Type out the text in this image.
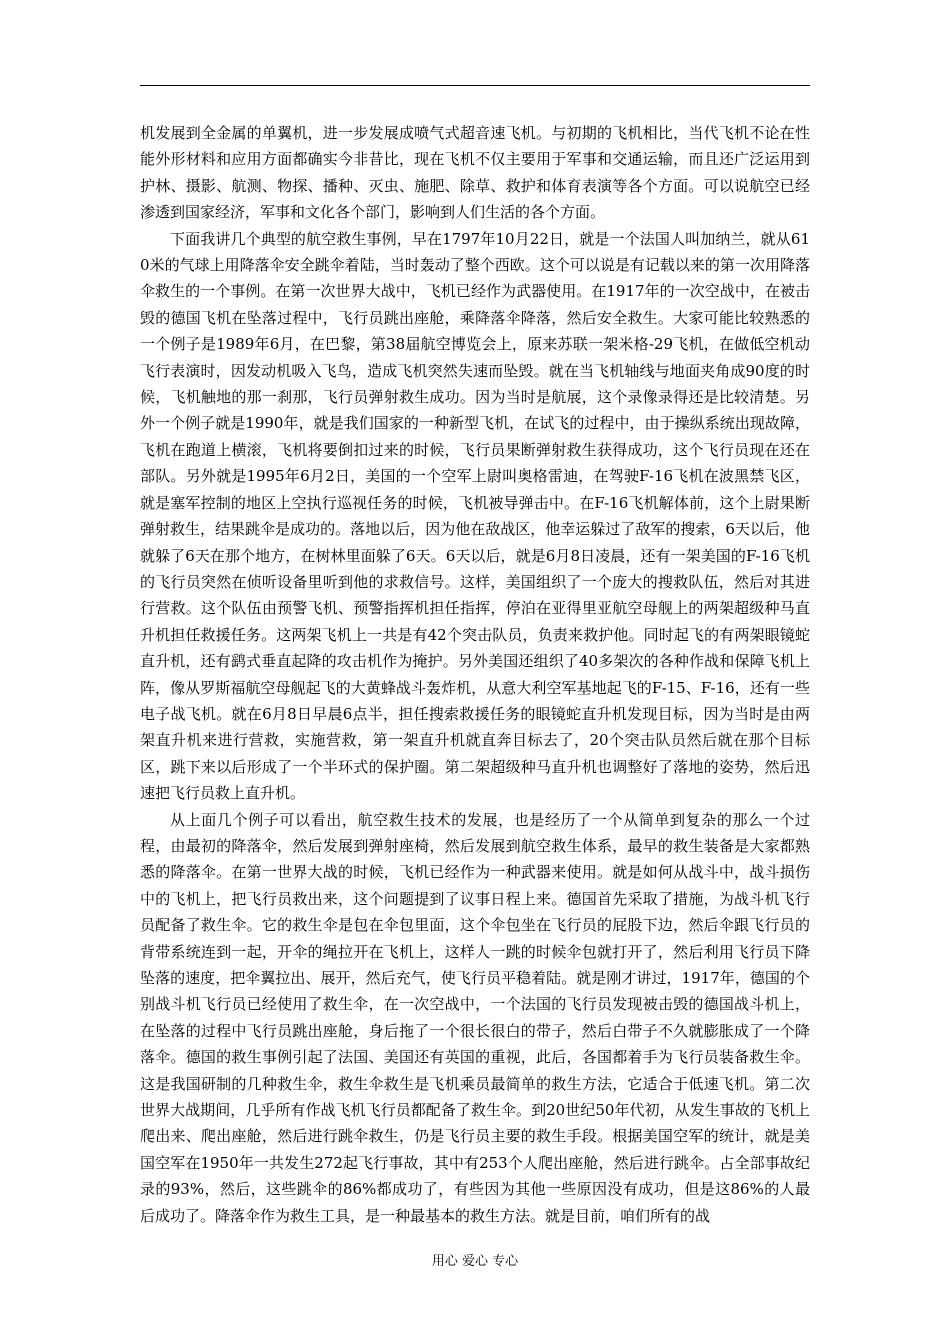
机发展到全金属的单翼机，进一步发展成喷气式超音速飞机。与初期的飞机相比，当代飞机不论在性能外形材料和应用方面都确实今非昔比，现在飞机不仅主要用于军事和交通运输，而且还广泛运用到护林、摄影、航测、物探、播种、灭虫、施肥、除草、救护和体育表演等各个方面。可以说航空已经渗透到国家经济，军事和文化各个部门，影响到人们生活的各个方面。

下面我讲几个典型的航空救生事例，早在1797年10月22日，就是一个法国人叫加纳兰，就从610米的气球上用降落伞安全跳伞着陆，当时轰动了整个西欧。这个可以说是有记载以来的第一次用降落伞救生的一个事例。在第一次世界大战中，飞机已经作为武器使用。在1917年的一次空战中，在被击毁的德国飞机在坠落过程中，飞行员跳出座舱，乘降落伞降落，然后安全救生。大家可能比较熟悉的一个例子是1989年6月，在巴黎，第38届航空博览会上，原来苏联一架米格-29飞机，在做低空机动飞行表演时，因发动机吸入飞鸟，造成飞机突然失速而坠毁。就在当飞机轴线与地面夹角成90度的时候，飞机触地的那一刹那，飞行员弹射救生成功。因为当时是航展，这个录像录得还是比较清楚。另外一个例子就是1990年，就是我们国家的一种新型飞机，在试飞的过程中，由于操纵系统出现故障，飞机在跑道上横滚，飞机将要倒扣过来的时候，飞行员果断弹射救生获得成功，这个飞行员现在还在部队。另外就是1995年6月2日，美国的一个空军上尉叫奥格雷迪，在驾驶F-16飞机在波黑禁飞区，就是塞军控制的地区上空执行巡视任务的时候，飞机被导弹击中。在F-16飞机解体前，这个上尉果断弹射救生，结果跳伞是成功的。落地以后，因为他在敌战区，他幸运躲过了敌军的搜索，6天以后，他就躲了6天在那个地方，在树林里面躲了6天。6天以后，就是6月8日凌晨，还有一架美国的F-16飞机的飞行员突然在侦听设备里听到他的求救信号。这样，美国组织了一个庞大的搜救队伍，然后对其进行营救。这个队伍由预警飞机、预警指挥机担任指挥，停泊在亚得里亚航空母舰上的两架超级种马直升机担任救援任务。这两架飞机上一共是有42个突击队员，负责来救护他。同时起飞的有两架眼镜蛇直升机，还有鹞式垂直起降的攻击机作为掩护。另外美国还组织了40多架次的各种作战和保障飞机上阵，像从罗斯福航空母舰起飞的大黄蜂战斗轰炸机，从意大利空军基地起飞的F-15、F-16，还有一些电子战飞机。就在6月8日早晨6点半，担任搜索救援任务的眼镜蛇直升机发现目标，因为当时是由两架直升机来进行营救，实施营救，第一架直升机就直奔目标去了，20个突击队员然后就在那个目标区，跳下来以后形成了一个半环式的保护圈。第二架超级种马直升机也调整好了落地的姿势，然后迅速把飞行员救上直升机。

从上面几个例子可以看出，航空救生技术的发展，也是经历了一个从简单到复杂的那么一个过程，由最初的降落伞，然后发展到弹射座椅，然后发展到航空救生体系，最早的救生装备是大家都熟悉的降落伞。在第一世界大战的时候，飞机已经作为一种武器来使用。就是如何从战斗中，战斗损伤中的飞机上，把飞行员救出来，这个问题提到了议事日程上来。德国首先采取了措施，为战斗机飞行员配备了救生伞。它的救生伞是包在伞包里面，这个伞包坐在飞行员的屁股下边，然后伞跟飞行员的背带系统连到一起，开伞的绳拉开在飞机上，这样人一跳的时候伞包就打开了，然后利用飞行员下降坠落的速度，把伞翼拉出、展开，然后充气，使飞行员平稳着陆。就是刚才讲过，1917年，德国的个别战斗机飞行员已经使用了救生伞，在一次空战中，一个法国的飞行员发现被击毁的德国战斗机上，在坠落的过程中飞行员跳出座舱，身后拖了一个很长很白的带子，然后白带子不久就膨胀成了一个降落伞。德国的救生事例引起了法国、美国还有英国的重视，此后，各国都着手为飞行员装备救生伞。这是我国研制的几种救生伞，救生伞救生是飞机乘员最简单的救生方法，它适合于低速飞机。第二次世界大战期间，几乎所有作战飞机飞行员都配备了救生伞。到20世纪50年代初，从发生事故的飞机上爬出来、爬出座舱，然后进行跳伞救生，仍是飞行员主要的救生手段。根据美国空军的统计，就是美国空军在1950年一共发生272起飞行事故，其中有253个人爬出座舱，然后进行跳伞。占全部事故纪录的93%，然后，这些跳伞的86%都成功了，有些因为其他一些原因没有成功，但是这86%的人最后成功了。降落伞作为救生工具，是一种最基本的救生方法。就是目前，咱们所有的战

用心 爱心 专心
